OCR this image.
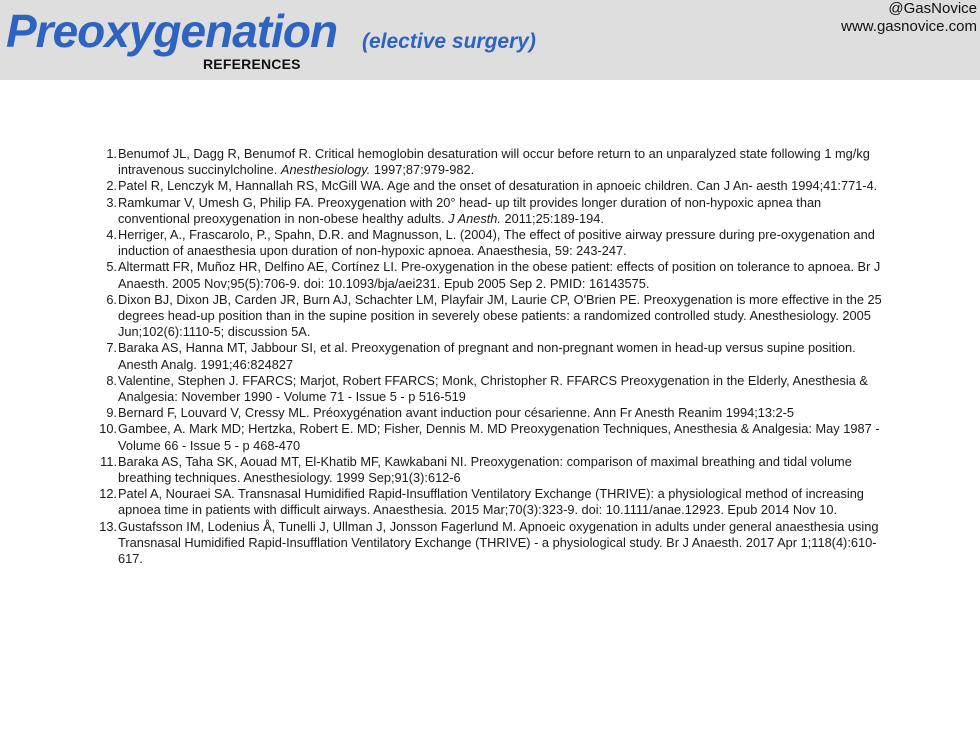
Preoxygenation (elective surgery)
REFERENCES
@GasNovice
www.gasnovice.com
1. Benumof JL, Dagg R, Benumof R. Critical hemoglobin desaturation will occur before return to an unparalyzed state following 1 mg/kg intravenous succinylcholine. Anesthesiology. 1997;87:979-982.
2. Patel R, Lenczyk M, Hannallah RS, McGill WA. Age and the onset of desaturation in apnoeic children. Can J An- aesth 1994;41:771-4.
3. Ramkumar V, Umesh G, Philip FA. Preoxygenation with 20° head- up tilt provides longer duration of non-hypoxic apnea than conventional preoxygenation in non-obese healthy adults. J Anesth. 2011;25:189-194.
4. Herriger, A., Frascarolo, P., Spahn, D.R. and Magnusson, L. (2004), The effect of positive airway pressure during pre-oxygenation and induction of anaesthesia upon duration of non-hypoxic apnoea. Anaesthesia, 59: 243-247.
5. Altermatt FR, Muñoz HR, Delfino AE, Cortínez LI. Pre-oxygenation in the obese patient: effects of position on tolerance to apnoea. Br J Anaesth. 2005 Nov;95(5):706-9. doi: 10.1093/bja/aei231. Epub 2005 Sep 2. PMID: 16143575.
6. Dixon BJ, Dixon JB, Carden JR, Burn AJ, Schachter LM, Playfair JM, Laurie CP, O'Brien PE. Preoxygenation is more effective in the 25 degrees head-up position than in the supine position in severely obese patients: a randomized controlled study. Anesthesiology. 2005 Jun;102(6):1110-5; discussion 5A.
7. Baraka AS, Hanna MT, Jabbour SI, et al. Preoxygenation of pregnant and non-pregnant women in head-up versus supine position. Anesth Analg. 1991;46:824827
8. Valentine, Stephen J. FFARCS; Marjot, Robert FFARCS; Monk, Christopher R. FFARCS Preoxygenation in the Elderly, Anesthesia & Analgesia: November 1990 - Volume 71 - Issue 5 - p 516-519
9. Bernard F, Louvard V, Cressy ML. Préoxygénation avant induction pour césarienne. Ann Fr Anesth Reanim 1994;13:2-5
10. Gambee, A. Mark MD; Hertzka, Robert E. MD; Fisher, Dennis M. MD Preoxygenation Techniques, Anesthesia & Analgesia: May 1987 - Volume 66 - Issue 5 - p 468-470
11. Baraka AS, Taha SK, Aouad MT, El-Khatib MF, Kawkabani NI. Preoxygenation: comparison of maximal breathing and tidal volume breathing techniques. Anesthesiology. 1999 Sep;91(3):612-6
12. Patel A, Nouraei SA. Transnasal Humidified Rapid-Insufflation Ventilatory Exchange (THRIVE): a physiological method of increasing apnoea time in patients with difficult airways. Anaesthesia. 2015 Mar;70(3):323-9. doi: 10.1111/anae.12923. Epub 2014 Nov 10.
13. Gustafsson IM, Lodenius Å, Tunelli J, Ullman J, Jonsson Fagerlund M. Apnoeic oxygenation in adults under general anaesthesia using Transnasal Humidified Rapid-Insufflation Ventilatory Exchange (THRIVE) - a physiological study. Br J Anaesth. 2017 Apr 1;118(4):610-617.
